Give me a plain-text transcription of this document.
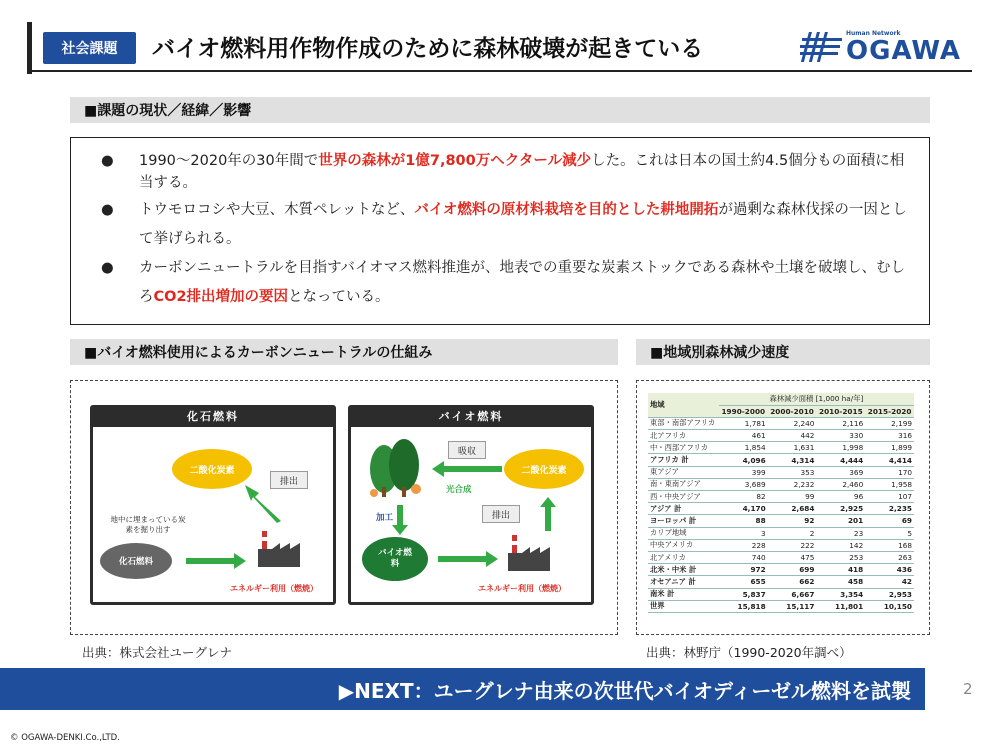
社会課題	バイオ燃料用作物作成のために森林破壊が起きている
Human Network
OGAWA
■課題の現状／経緯／影響
● 1990～2020年の30年間で世界の森林が1億7,800万ヘクタール減少した。これは日本の国土約4.5個分もの面積に相当する。
● トウモロコシや大豆、木質ペレットなど、バイオ燃料の原材料栽培を目的とした耕地開拓が過剰な森林伐採の一因として挙げられる。
● カーボンニュートラルを目指すバイオマス燃料推進が、地表での重要な炭素ストックである森林や土壌を破壊し、むしろCO2排出増加の要因となっている。
■バイオ燃料使用によるカーボンニュートラルの仕組み
化石燃料
二酸化炭素
排出
地中に埋まっている炭素を掘り出す
化石燃料
エネルギー利用（燃焼）
バイオ燃料
吸収
光合成
二酸化炭素
加工
バイオ燃料
排出
エネルギー利用（燃焼）
出典：株式会社ユーグレナ
■地域別森林減少速度
地域	森林減少面積 [1,000 ha/年]			
	1990-2000	2000-2010	2010-2015	2015-2020
東部・南部アフリカ	1,781	2,240	2,116	2,199
北アフリカ	461	442	330	316
中・西部アフリカ	1,854	1,631	1,998	1,899
アフリカ 計	4,096	4,314	4,444	4,414
東アジア	399	353	369	170
南・東南アジア	3,689	2,232	2,460	1,958
西・中央アジア	82	99	96	107
アジア 計	4,170	2,684	2,925	2,235
ヨーロッパ 計	88	92	201	69
カリブ地域	3	2	23	5
中央アメリカ	228	222	142	168
北アメリカ	740	475	253	263
北米・中米 計	972	699	418	436
オセアニア 計	655	662	458	42
南米 計	5,837	6,667	3,354	2,953
世界	15,818	15,117	11,801	10,150
出典：林野庁（1990-2020年調べ）
▶NEXT：ユーグレナ由来の次世代バイオディーゼル燃料を試製	2
© OGAWA-DENKI.Co.,LTD.
